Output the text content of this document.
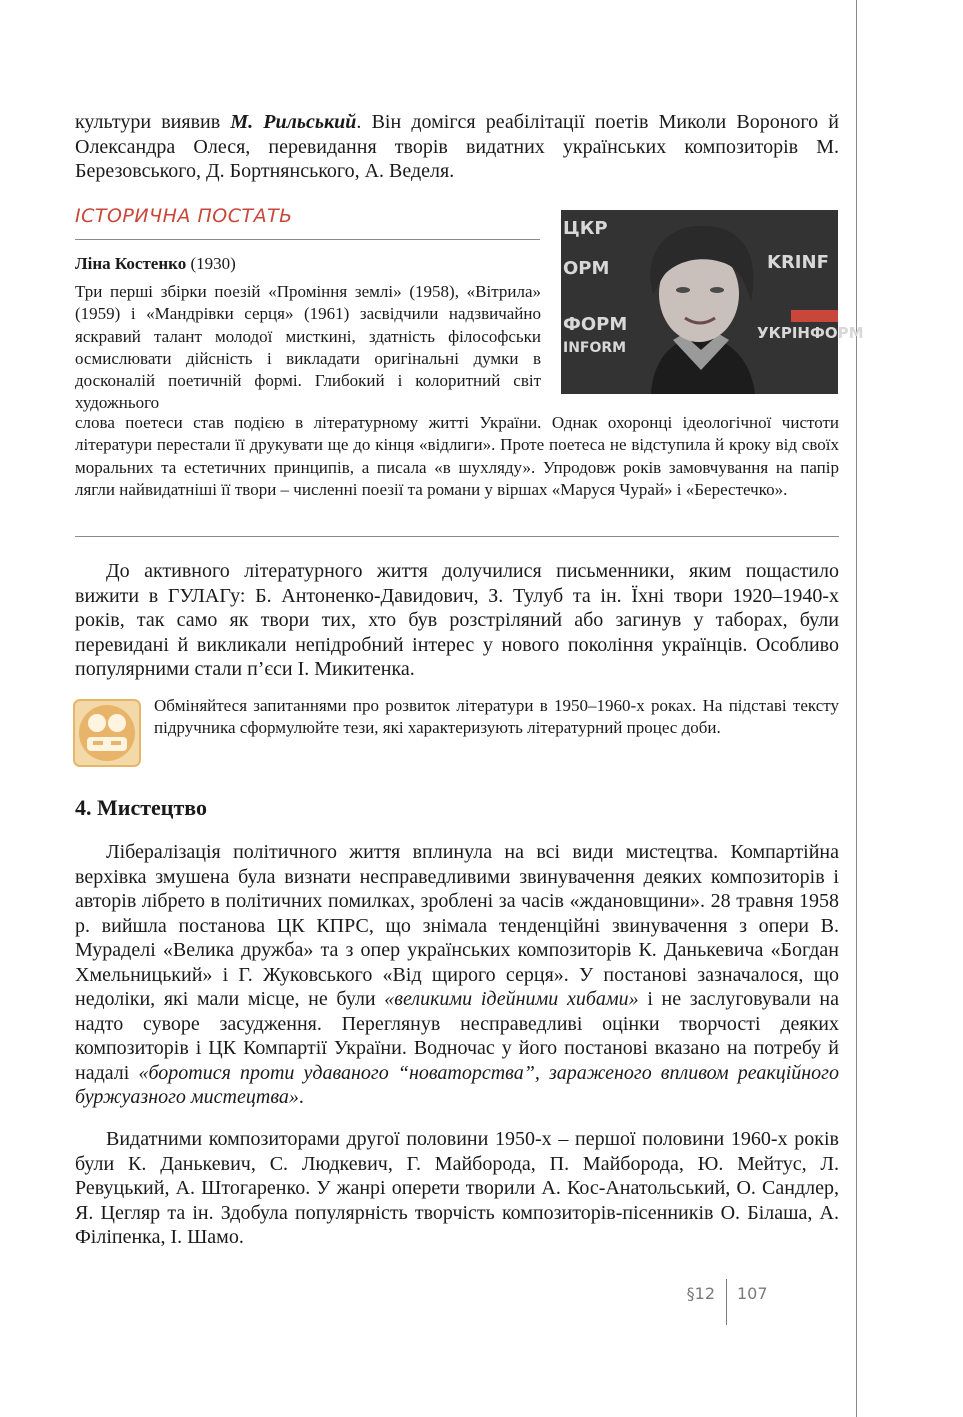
культури виявив М. Рильський. Він домігся реабілітації поетів Миколи Вороного й Олександра Олеся, перевидання творів видатних українських композиторів М. Березовського, Д. Бортнянського, А. Веделя.

ІСТОРИЧНА ПОСТАТЬ
ЦКР
KRINF
ОРМ
ФОРМ
INFORM
УКРІНФОРМ
Ліна Костенко (1930)
Три перші збірки поезій «Проміння землі» (1958), «Вітрила» (1959) і «Мандрівки серця» (1961) засвідчили надзвичайно яскравий талант молодої мисткині, здатність філософськи осмислювати дійсність і викладати оригінальні думки в досконалій поетичній формі. Глибокий і колоритний світ художнього
слова поетеси став подією в літературному житті України. Однак охоронці ідеологічної чистоти літератури перестали її друкувати ще до кінця «відлиги». Проте поетеса не відступила й кроку від своїх моральних та естетичних принципів, а писала «в шухляду». Упродовж років замовчування на папір лягли найвидатніші її твори – численні поезії та романи у віршах «Маруся Чурай» і «Берестечко».

До активного літературного життя долучилися письменники, яким пощастило вижити в ГУЛАГу: Б. Антоненко-Давидович, З. Тулуб та ін. Їхні твори 1920–1940-х років, так само як твори тих, хто був розстріляний або загинув у таборах, були перевидані й викликали непідробний інтерес у нового покоління українців. Особливо популярними стали п’єси І. Микитенка.

Обміняйтеся запитаннями про розвиток літератури в 1950–1960-х роках. На підставі тексту підручника сформулюйте тези, які характеризують літературний процес доби.
4. Мистецтво

Лібералізація політичного життя вплинула на всі види мистецтва. Компартійна верхівка змушена була визнати несправедливими звинувачення деяких композиторів і авторів лібрето в політичних помилках, зроблені за часів «ждановщини». 28 травня 1958 р. вийшла постанова ЦК КПРС, що знімала тенденційні звинувачення з опери В. Мураделі «Велика дружба» та з опер українських композиторів К. Данькевича «Богдан Хмельницький» і Г. Жуковського «Від щирого серця». У постанові зазначалося, що недоліки, які мали місце, не були «великими ідейними хибами» і не заслуговували на надто суворе засудження. Переглянув несправедливі оцінки творчості деяких композиторів і ЦК Компартії України. Водночас у його постанові вказано на потребу й надалі «боротися проти удаваного “новаторства”, зараженого впливом реакційного буржуазного мистецтва».

Видатними композиторами другої половини 1950-х – першої половини 1960-х років були К. Данькевич, С. Людкевич, Г. Майборода, П. Майборода, Ю. Мейтус, Л. Ревуцький, А. Штогаренко. У жанрі оперети творили А. Кос-Анатольський, О. Сандлер, Я. Цегляр та ін. Здобула популярність творчість композиторів-пісенників О. Білаша, А. Філіпенка, І. Шамо.

§12 107
